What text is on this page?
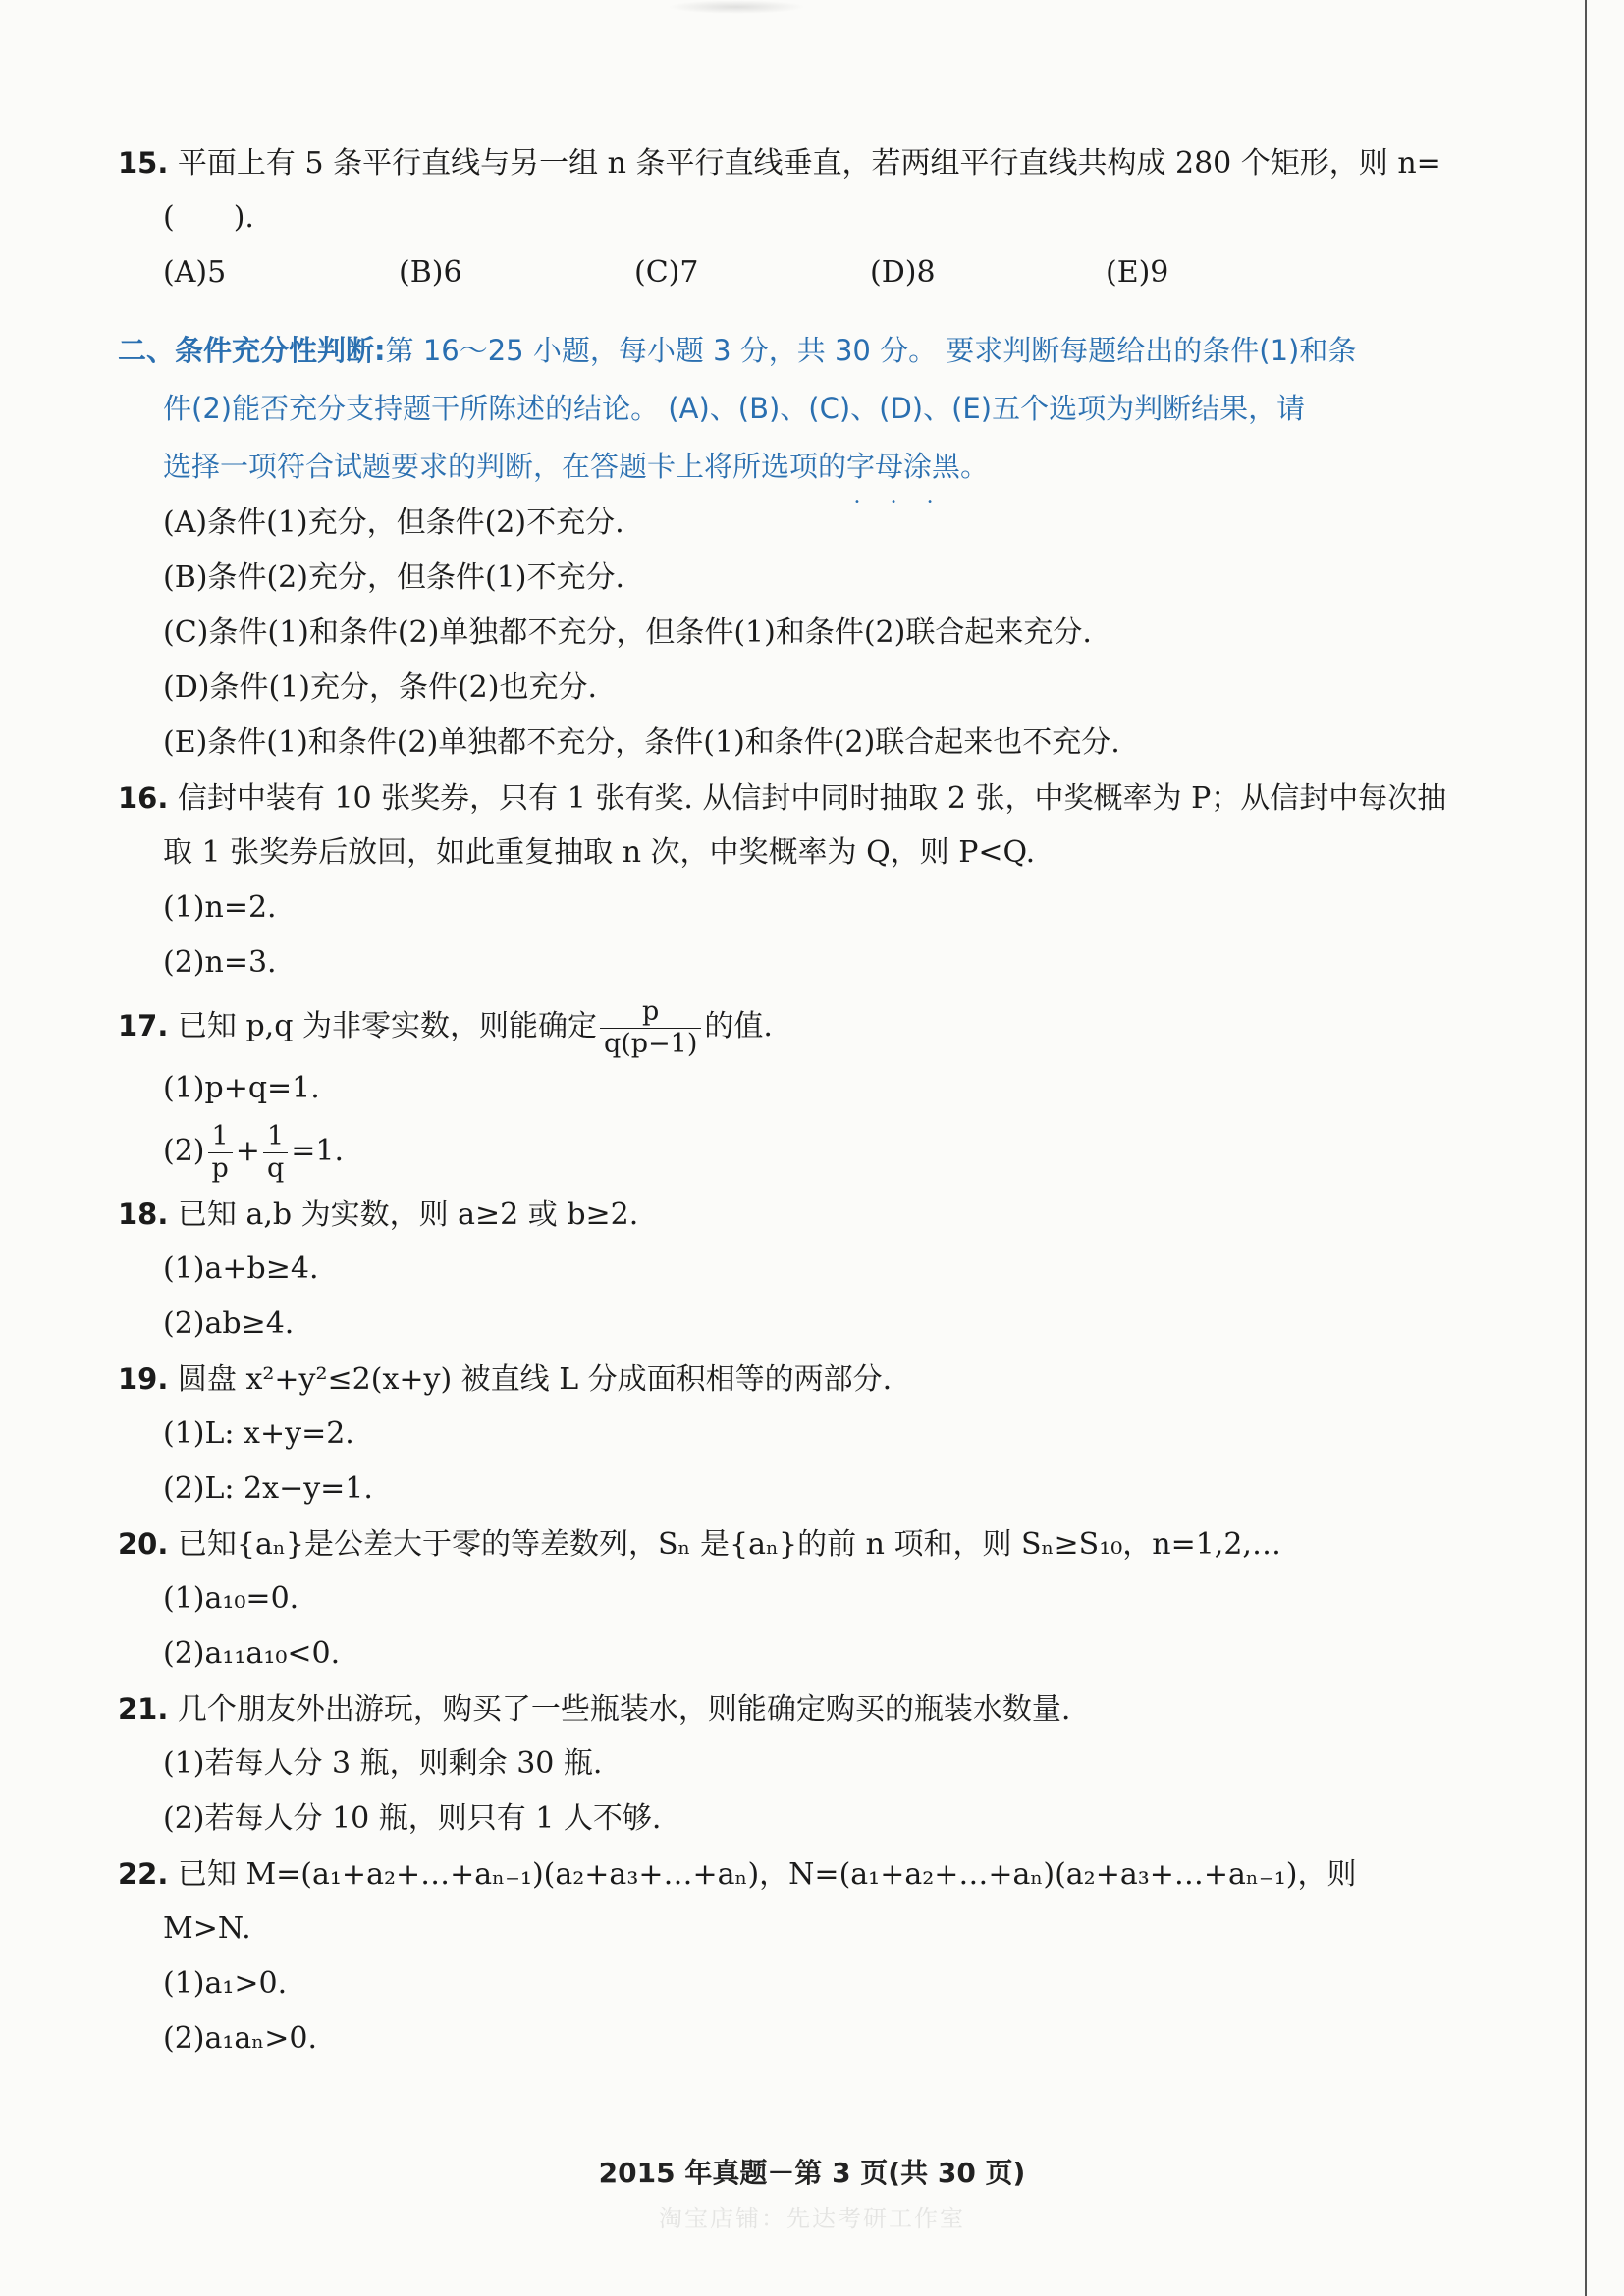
15. 平面上有 5 条平行直线与另一组 n 条平行直线垂直，若两组平行直线共构成 280 个矩形，则 n=
(　　).
(A)5	(B)6	(C)7	(D)8	(E)9
二、条件充分性判断:第 16～25 小题，每小题 3 分，共 30 分。 要求判断每题给出的条件(1)和条
件(2)能否充分支持题干所陈述的结论。 (A)、(B)、(C)、(D)、(E)五个选项为判断结果，请
选择一项符合试题要求的判断，在答题卡上将所选项的字母涂黑 • • •。
(A)条件(1)充分，但条件(2)不充分.
(B)条件(2)充分，但条件(1)不充分.
(C)条件(1)和条件(2)单独都不充分，但条件(1)和条件(2)联合起来充分.
(D)条件(1)充分，条件(2)也充分.
(E)条件(1)和条件(2)单独都不充分，条件(1)和条件(2)联合起来也不充分.
16. 信封中装有 10 张奖券，只有 1 张有奖. 从信封中同时抽取 2 张，中奖概率为 P；从信封中每次抽
取 1 张奖券后放回，如此重复抽取 n 次，中奖概率为 Q，则 P<Q.
(1)n=2.
(2)n=3.
17. 已知 p,q 为非零实数，则能确定 $\frac{p}{q(p-1)}$ 的值.
(1)p+q=1.
$(2) \frac{1}{p} + \frac{1}{q} =1$.
18. 已知 a,b 为实数，则 a≥2 或 b≥2.
(1)a+b≥4.
(2)ab≥4.
19. 圆盘 x²+y²≤2(x+y) 被直线 L 分成面积相等的两部分.
(1)L: x+y=2.
(2)L: 2x−y=1.
20. 已知{aₙ}是公差大于零的等差数列，Sₙ 是{aₙ}的前 n 项和，则 Sₙ≥S₁₀，n=1,2,…
(1)a₁₀=0.
(2)a₁₁a₁₀<0.
21. 几个朋友外出游玩，购买了一些瓶装水，则能确定购买的瓶装水数量.
(1)若每人分 3 瓶，则剩余 30 瓶.
(2)若每人分 10 瓶，则只有 1 人不够.
22. 已知 M=(a₁+a₂+…+aₙ₋₁)(a₂+a₃+…+aₙ)，N=(a₁+a₂+…+aₙ)(a₂+a₃+…+aₙ₋₁)，则
M>N.
(1)a₁>0.
(2)a₁aₙ>0.
2015 年真题－第 3 页(共 30 页)
淘宝店铺：先达考研工作室
